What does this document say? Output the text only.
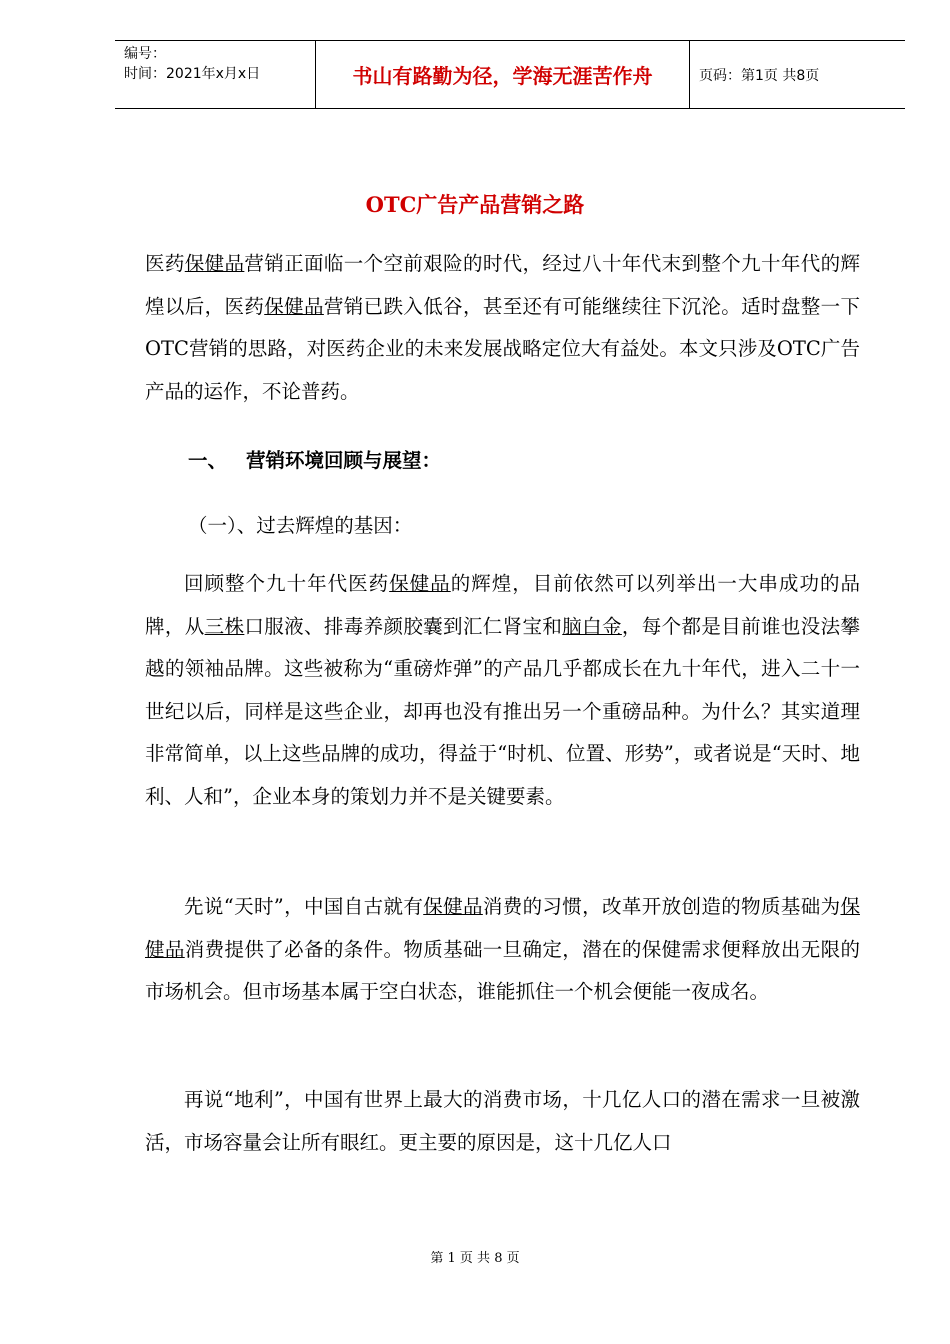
编号：
时间：2021年x月x日	书山有路勤为径，学海无涯苦作舟	页码：第1页 共8页
OTC广告产品营销之路

医药保健品营销正面临一个空前艰险的时代，经过八十年代末到整个九十年代的辉煌以后，医药保健品营销已跌入低谷，甚至还有可能继续往下沉沦。适时盘整一下OTC营销的思路，对医药企业的未来发展战略定位大有益处。本文只涉及OTC广告产品的运作，不论普药。

一、 营销环境回顾与展望：
（一）、过去辉煌的基因：

回顾整个九十年代医药保健品的辉煌，目前依然可以列举出一大串成功的品牌，从三株口服液、排毒养颜胶囊到汇仁肾宝和脑白金，每个都是目前谁也没法攀越的领袖品牌。这些被称为“重磅炸弹”的产品几乎都成长在九十年代，进入二十一世纪以后，同样是这些企业，却再也没有推出另一个重磅品种。为什么？其实道理非常简单，以上这些品牌的成功，得益于“时机、位置、形势”，或者说是“天时、地利、人和”，企业本身的策划力并不是关键要素。

先说“天时”，中国自古就有保健品消费的习惯，改革开放创造的物质基础为保健品消费提供了必备的条件。物质基础一旦确定，潜在的保健需求便释放出无限的市场机会。但市场基本属于空白状态，谁能抓住一个机会便能一夜成名。

再说“地利”，中国有世界上最大的消费市场，十几亿人口的潜在需求一旦被激活，市场容量会让所有眼红。更主要的原因是，这十几亿人口

第 1 页 共 8 页
